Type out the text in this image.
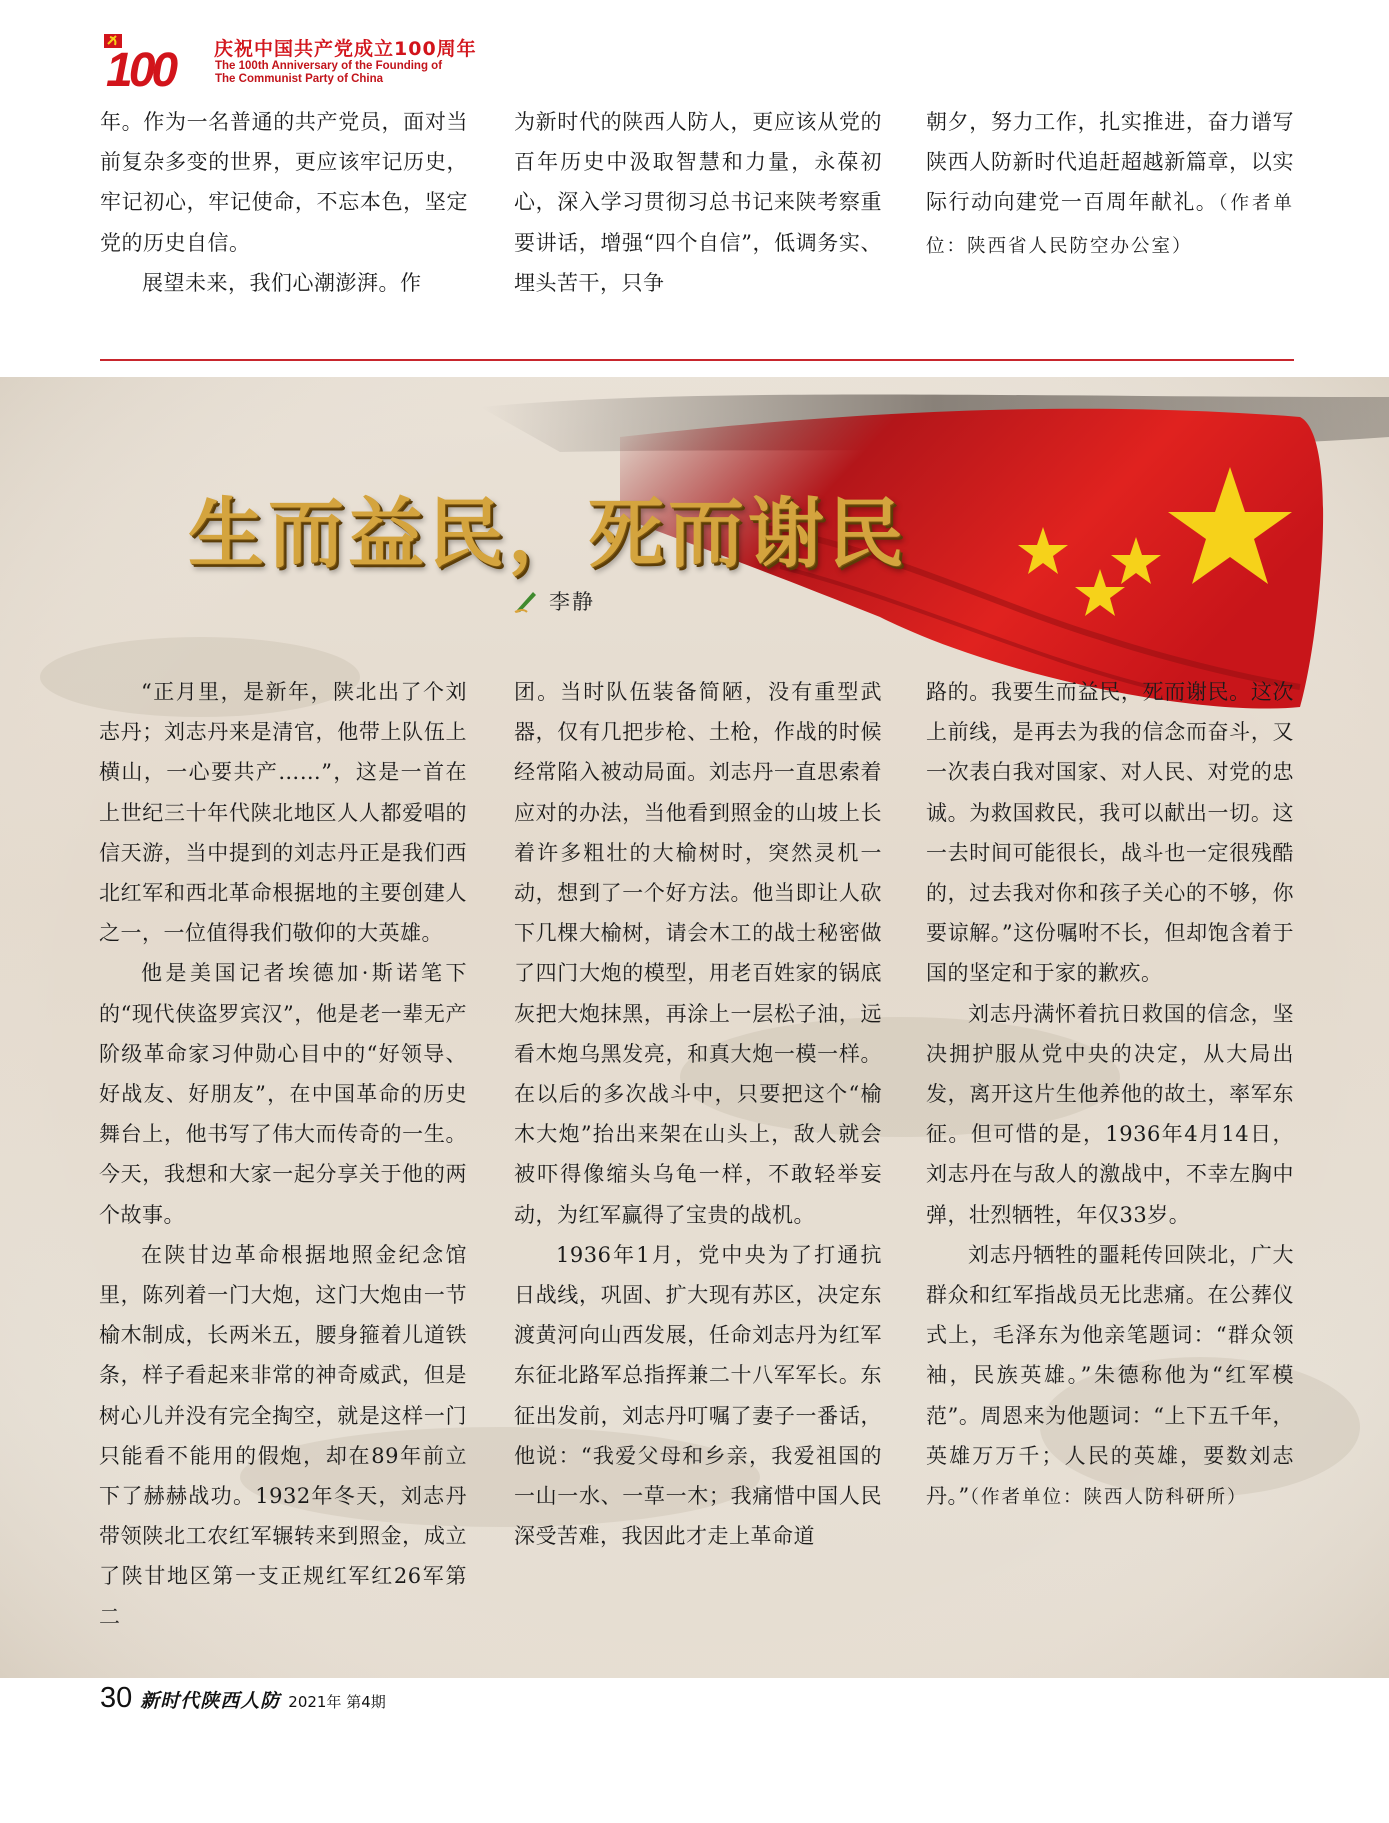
100 庆祝中国共产党成立100周年
The 100th Anniversary of the Founding of
The Communist Party of China

年。作为一名普通的共产党员，面对当前复杂多变的世界，更应该牢记历史，牢记初心，牢记使命，不忘本色，坚定党的历史自信。

展望未来，我们心潮澎湃。作

为新时代的陕西人防人，更应该从党的百年历史中汲取智慧和力量，永葆初心，深入学习贯彻习总书记来陕考察重要讲话，增强“四个自信”，低调务实、埋头苦干，只争

朝夕，努力工作，扎实推进，奋力谱写陕西人防新时代追赶超越新篇章，以实际行动向建党一百周年献礼。（作者单位：陕西省人民防空办公室）

生而益民，死而谢民
李静

“正月里，是新年，陕北出了个刘志丹；刘志丹来是清官，他带上队伍上横山，一心要共产……”，这是一首在上世纪三十年代陕北地区人人都爱唱的信天游，当中提到的刘志丹正是我们西北红军和西北革命根据地的主要创建人之一，一位值得我们敬仰的大英雄。

他是美国记者埃德加·斯诺笔下的“现代侠盗罗宾汉”，他是老一辈无产阶级革命家习仲勋心目中的“好领导、好战友、好朋友”，在中国革命的历史舞台上，他书写了伟大而传奇的一生。今天，我想和大家一起分享关于他的两个故事。

在陕甘边革命根据地照金纪念馆里，陈列着一门大炮，这门大炮由一节榆木制成，长两米五，腰身箍着儿道铁条，样子看起来非常的神奇威武，但是树心儿并没有完全掏空，就是这样一门只能看不能用的假炮，却在89年前立下了赫赫战功。1932年冬天，刘志丹带领陕北工农红军辗转来到照金，成立了陕甘地区第一支正规红军红26军第二

团。当时队伍装备简陋，没有重型武器，仅有几把步枪、土枪，作战的时候经常陷入被动局面。刘志丹一直思索着应对的办法，当他看到照金的山坡上长着许多粗壮的大榆树时，突然灵机一动，想到了一个好方法。他当即让人砍下几棵大榆树，请会木工的战士秘密做了四门大炮的模型，用老百姓家的锅底灰把大炮抹黑，再涂上一层松子油，远看木炮乌黑发亮，和真大炮一模一样。在以后的多次战斗中，只要把这个“榆木大炮”抬出来架在山头上，敌人就会被吓得像缩头乌龟一样，不敢轻举妄动，为红军赢得了宝贵的战机。

1936年1月，党中央为了打通抗日战线，巩固、扩大现有苏区，决定东渡黄河向山西发展，任命刘志丹为红军东征北路军总指挥兼二十八军军长。东征出发前，刘志丹叮嘱了妻子一番话，他说：“我爱父母和乡亲，我爱祖国的一山一水、一草一木；我痛惜中国人民深受苦难，我因此才走上革命道

路的。我要生而益民，死而谢民。这次上前线，是再去为我的信念而奋斗，又一次表白我对国家、对人民、对党的忠诚。为救国救民，我可以献出一切。这一去时间可能很长，战斗也一定很残酷的，过去我对你和孩子关心的不够，你要谅解。”这份嘱咐不长，但却饱含着于国的坚定和于家的歉疚。

刘志丹满怀着抗日救国的信念，坚决拥护服从党中央的决定，从大局出发，离开这片生他养他的故土，率军东征。但可惜的是，1936年4月14日，刘志丹在与敌人的激战中，不幸左胸中弹，壮烈牺牲，年仅33岁。

刘志丹牺牲的噩耗传回陕北，广大群众和红军指战员无比悲痛。在公葬仪式上，毛泽东为他亲笔题词：“群众领袖，民族英雄。”朱德称他为“红军模范”。周恩来为他题词：“上下五千年，英雄万万千；人民的英雄，要数刘志丹。”（作者单位：陕西人防科研所）

30 新时代陕西人防 2021年 第4期
